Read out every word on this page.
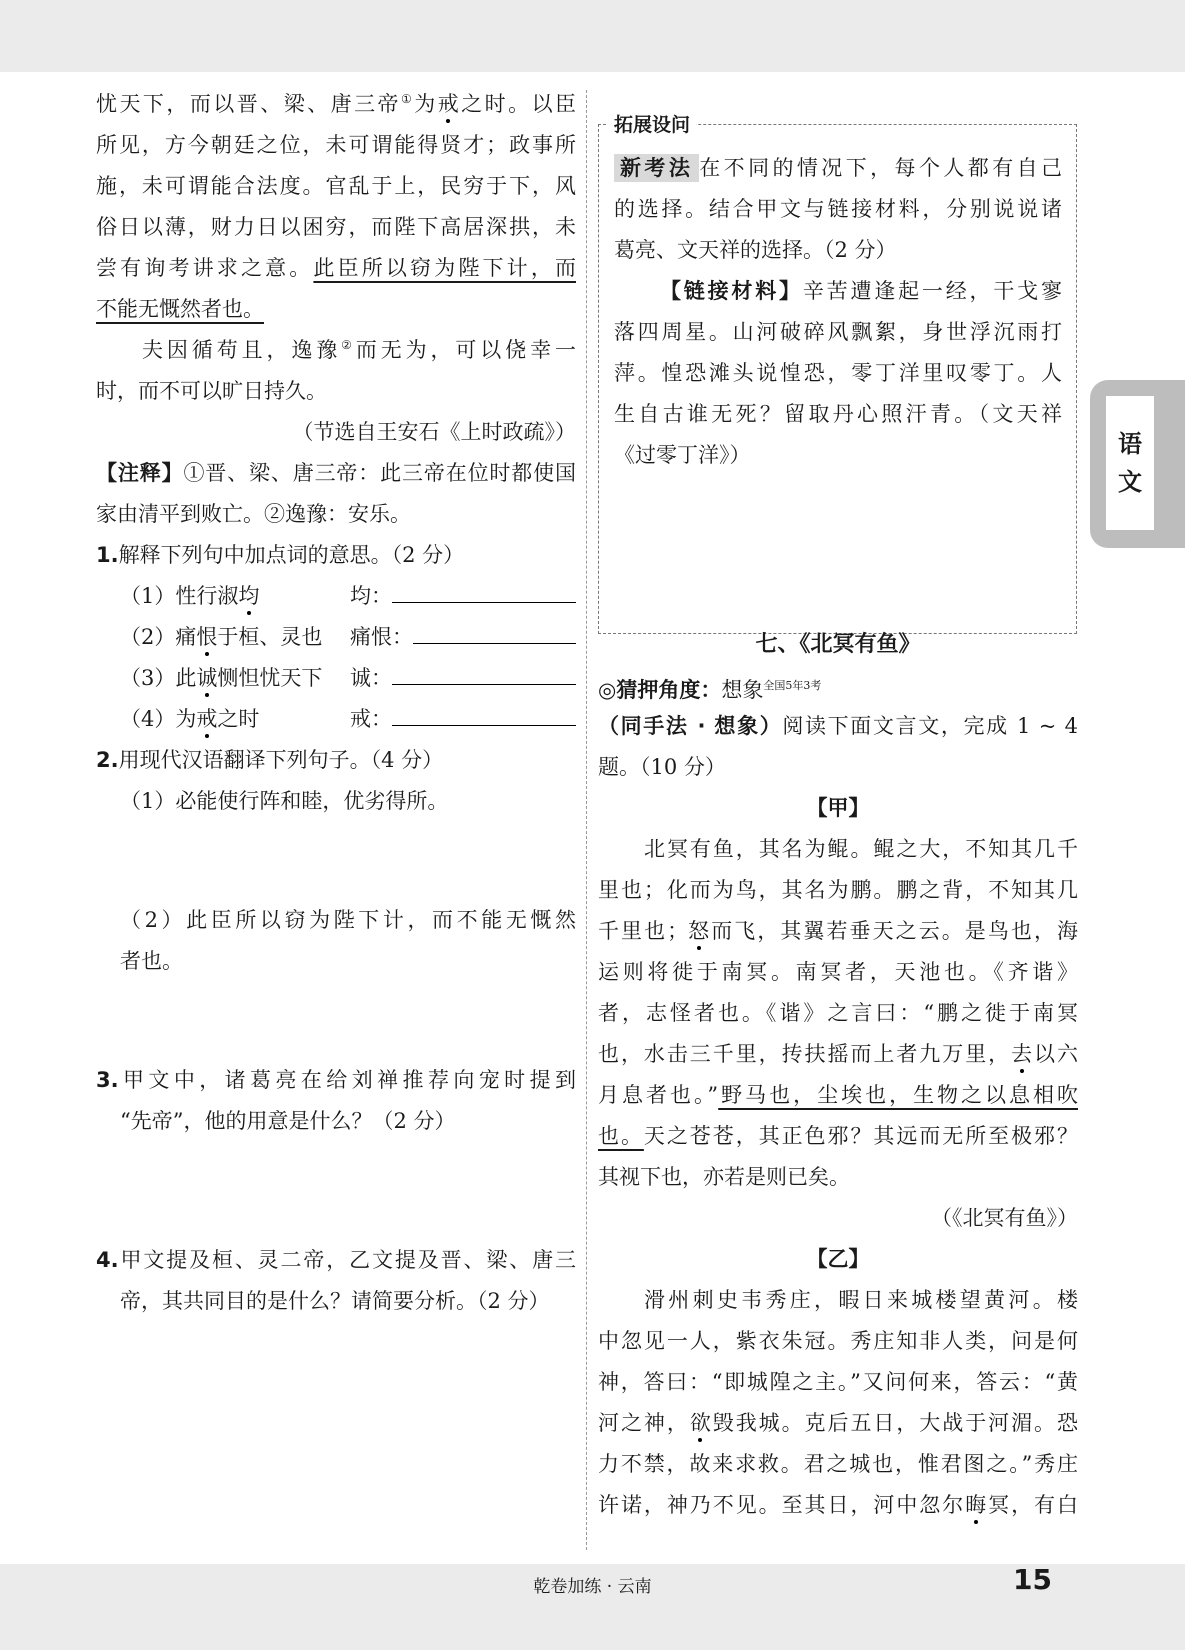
忧天下，而以晋、梁、唐三帝①为戒之时。以臣
所见，方今朝廷之位，未可谓能得贤才；政事所
施，未可谓能合法度。官乱于上，民穷于下，风
俗日以薄，财力日以困穷，而陛下高居深拱，未
尝有询考讲求之意。此臣所以窃为陛下计，而
不能无慨然者也。
夫因循苟且，逸豫②而无为，可以侥幸一
时，而不可以旷日持久。
（节选自王安石《上时政疏》）
【注释】①晋、梁、唐三帝：此三帝在位时都使国
家由清平到败亡。②逸豫：安乐。
1.解释下列句中加点词的意思。（2 分）
（1）性行淑均	均：
（2）痛恨于桓、灵也	痛恨：
（3）此诚恻怛忧天下	诚：
（4）为戒之时	戒：
2.用现代汉语翻译下列句子。（4 分）
（1）必能使行阵和睦，优劣得所。
（2）此臣所以窃为陛下计，而不能无慨然
者也。
3.甲文中，诸葛亮在给刘禅推荐向宠时提到
“先帝”，他的用意是什么？（2 分）
4.甲文提及桓、灵二帝，乙文提及晋、梁、唐三
帝，其共同目的是什么？请简要分析。（2 分）
拓展设问
新考法 在不同的情况下，每个人都有自己
的选择。结合甲文与链接材料，分别说说诸
葛亮、文天祥的选择。（2 分）
【链接材料】辛苦遭逢起一经，干戈寥
落四周星。山河破碎风飘絮，身世浮沉雨打
萍。惶恐滩头说惶恐，零丁洋里叹零丁。人
生自古谁无死？留取丹心照汗青。（文天祥
《过零丁洋》）
七、《北冥有鱼》
◎猜押角度：想象$^{全国5年3考}$
（同手法 · 想象）阅读下面文言文，完成 1 ~ 4
题。（10 分）
【甲】
北冥有鱼，其名为鲲。鲲之大，不知其几千
里也；化而为鸟，其名为鹏。鹏之背，不知其几
千里也；怒而飞，其翼若垂天之云。是鸟也，海
运则将徙于南冥。南冥者，天池也。《齐谐》
者，志怪者也。《谐》之言曰：“鹏之徙于南冥
也，水击三千里，抟扶摇而上者九万里，去以六
月息者也。”野马也，尘埃也，生物之以息相吹
也。天之苍苍，其正色邪？其远而无所至极邪？
其视下也，亦若是则已矣。
（《北冥有鱼》）
【乙】
滑州刺史韦秀庄，暇日来城楼望黄河。楼
中忽见一人，紫衣朱冠。秀庄知非人类，问是何
神，答曰：“即城隍之主。”又问何来，答云：“黄
河之神，欲毁我城。克后五日，大战于河湄。恐
力不禁，故来求救。君之城也，惟君图之。”秀庄
许诺，神乃不见。至其日，河中忽尔晦冥，有白
语
文
乾卷加练 · 云南	15
